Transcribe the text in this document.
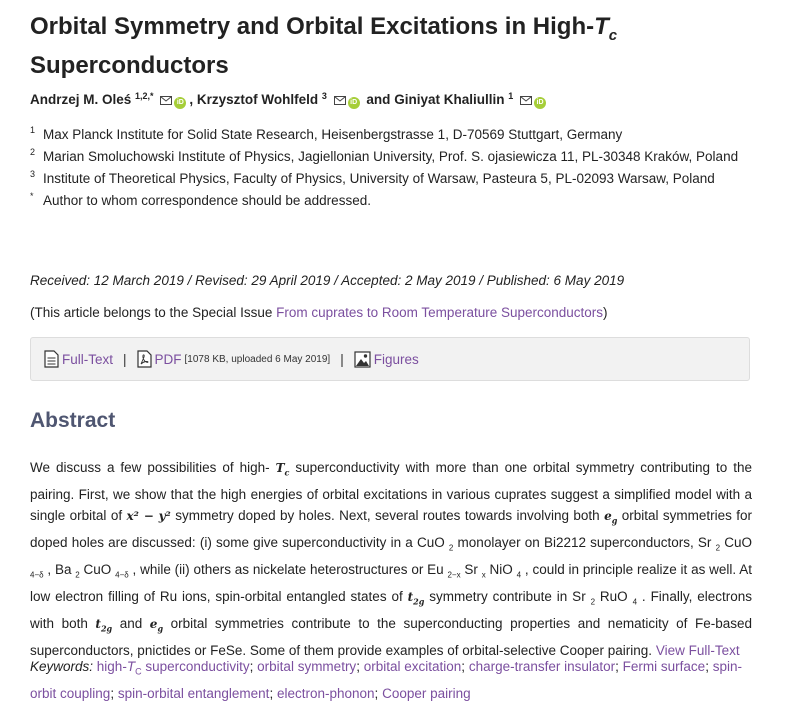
Orbital Symmetry and Orbital Excitations in High-$T_c$
Superconductors
Andrzej M. Oleś $^{1,2,*}$ iD , Krzysztof Wohlfeld $^3$ iD and Giniyat Khaliullin $^1$ iD
1 Max Planck Institute for Solid State Research, Heisenbergstrasse 1, D-70569 Stuttgart, Germany
2 Marian Smoluchowski Institute of Physics, Jagiellonian University, Prof. S. ojasiewicza 11, PL-30348 Kraków, Poland
3 Institute of Theoretical Physics, Faculty of Physics, University of Warsaw, Pasteura 5, PL-02093 Warsaw, Poland
* Author to whom correspondence should be addressed.
Received: 12 March 2019 / Revised: 29 April 2019 / Accepted: 2 May 2019 / Published: 6 May 2019
(This article belongs to the Special Issue From cuprates to Room Temperature Superconductors)
Full-Text | PDF [1078 KB, uploaded 6 May 2019] | Figures
Abstract
We discuss a few possibilities of high- $T_c$ superconductivity with more than one orbital symmetry contributing to the pairing. First, we show that the high energies of orbital excitations in various cuprates suggest a simplified model with a single orbital of x² − y² symmetry doped by holes. Next, several routes towards involving both $e_g$ orbital symmetries for doped holes are discussed: (i) some give superconductivity in a CuO $_2$ monolayer on Bi2212 superconductors, Sr $_2$ CuO $_{4-\delta}$ , Ba $_2$ CuO $_{4-\delta}$ , while (ii) others as nickelate heterostructures or Eu $_{2-x}$ Sr $_x$ NiO $_4$ , could in principle realize it as well. At low electron filling of Ru ions, spin-orbital entangled states of $t_{2g}$ symmetry contribute in Sr $_2$ RuO $_4$ . Finally, electrons with both $t_{2g}$ and $e_g$ orbital symmetries contribute to the superconducting properties and nematicity of Fe-based superconductors, pnictides or FeSe. Some of them provide examples of orbital-selective Cooper pairing. View Full-Text
Keywords: high-$T_C$ superconductivity; orbital symmetry; orbital excitation; charge-transfer insulator; Fermi surface; spin-orbit coupling; spin-orbital entanglement; electron-phonon; Cooper pairing
